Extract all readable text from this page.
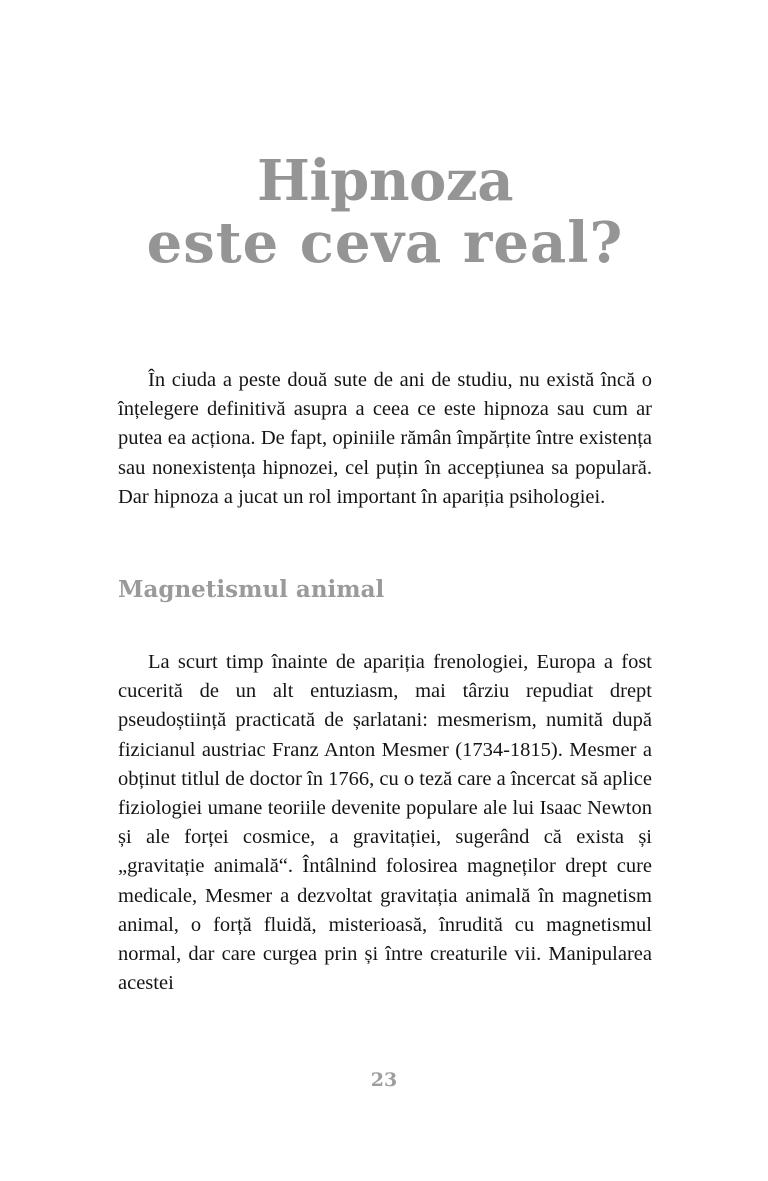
Hipnoza
este ceva real?

În ciuda a peste două sute de ani de studiu, nu există încă o înțelegere definitivă asupra a ceea ce este hipnoza sau cum ar putea ea acționa. De fapt, opiniile rămân împărțite între existența sau nonexistența hipnozei, cel puțin în accepțiunea sa populară. Dar hipnoza a jucat un rol important în apariția psihologiei.

Magnetismul animal

La scurt timp înainte de apariția frenologiei, Europa a fost cucerită de un alt entuziasm, mai târziu repudiat drept pseudoștiință practicată de șarlatani: mesmerism, numită după fizicianul austriac Franz Anton Mesmer (1734-1815). Mesmer a obținut titlul de doctor în 1766, cu o teză care a încercat să aplice fiziologiei umane teoriile devenite populare ale lui Isaac Newton și ale forței cosmice, a gravitației, sugerând că exista și „gravitație animală“. Întâlnind folosirea magneților drept cure medicale, Mesmer a dezvoltat gravitația animală în magnetism animal, o forță fluidă, misterioasă, înrudită cu magnetismul normal, dar care curgea prin și între creaturile vii. Manipularea acestei

23
